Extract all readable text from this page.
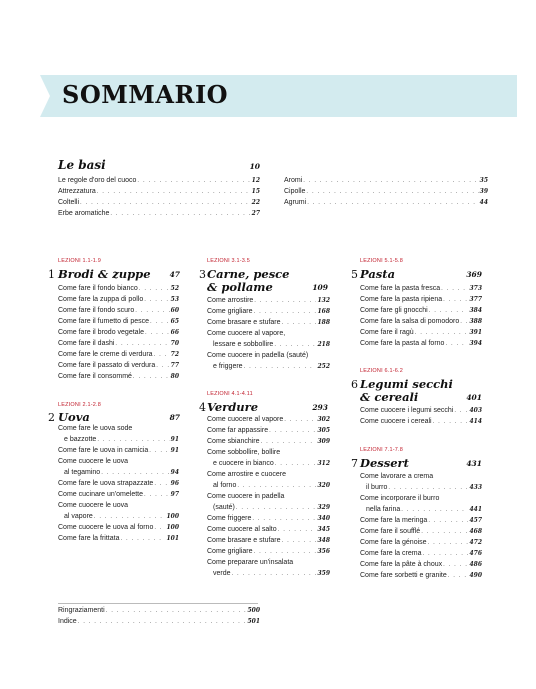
SOMMARIO
Le basi	10
Le regole d'oro del cuoco . . .	12
Attrezzatura . . .	15
Coltelli . . .	22
Erbe aromatiche . . .	27
Aromi . . .	35
Cipolle . . .	39
Agrumi . . .	44
LEZIONI 1.1-1.9
1 Brodi & zuppe	47
Come fare il fondo bianco . . .	52
Come fare la zuppa di pollo . . .	53
Come fare il fondo scuro . . .	60
Come fare il fumetto di pesce . . .	65
Come fare il brodo vegetale . . .	66
Come fare il dashi . . .	70
Come fare le creme di verdura . . .	72
Come fare il passato di verdura . . .	77
Come fare il consommé . . .	80
LEZIONI 2.1-2.8
2 Uova	87
Come fare le uova sode
e bazzotte . . .	91
Come fare le uova in camicia . . .	91
Come cuocere le uova
al tegamino . . .	94
Come fare le uova strapazzate . . .	96
Come cucinare un'omelette . . .	97
Come cuocere le uova
al vapore . . .	100
Come cuocere le uova al forno . . . 100
Come fare la frittata . . .	101
LEZIONI 3.1-3.5
3 Carne, pesce
& pollame	109
Come arrostire . . .	132
Come grigliare . . .	168
Come brasare e stufare . . .	188
Come cuocere al vapore,
lessare e sobbollire . . .	218
Come cuocere in padella (sauté)
e friggere . . .	252
LEZIONI 4.1-4.11
4 Verdure	293
Come cuocere al vapore . . .	302
Come far appassire . . .	305
Come sbianchire . . .	309
Come sobbollire, bollire
e cuocere in bianco . . .	312
Come arrostire e cuocere
al forno . . .	320
Come cuocere in padella
(sauté) . . .	329
Come friggere . . .	340
Come cuocere al salto . . .	345
Come brasare e stufare . . .	348
Come grigliare . . .	356
Come preparare un'insalata
verde . . .	359
LEZIONI 5.1-5.8
5 Pasta	369
Come fare la pasta fresca . . .	373
Come fare la pasta ripiena . . .	377
Come fare gli gnocchi . . .	384
Come fare la salsa di pomodoro . . . 388
Come fare il ragù . . .	391
Come fare la pasta al forno . . .	394
LEZIONI 6.1-6.2
6 Legumi secchi
& cereali	401
Come cuocere i legumi secchi . . .	403
Come cuocere i cereali . . .	414
LEZIONI 7.1-7.8
7 Dessert	431
Come lavorare a crema
il burro . . .	433
Come incorporare il burro
nella farina . . .	441
Come fare la meringa . . .	457
Come fare il soufflé . . .	468
Come fare la génoise . . .	472
Come fare la crema . . .	476
Come fare la pâte à choux . . .	486
Come fare sorbetti e granite . . .	490
Ringraziamenti . . .	500
Indice . . .	501
